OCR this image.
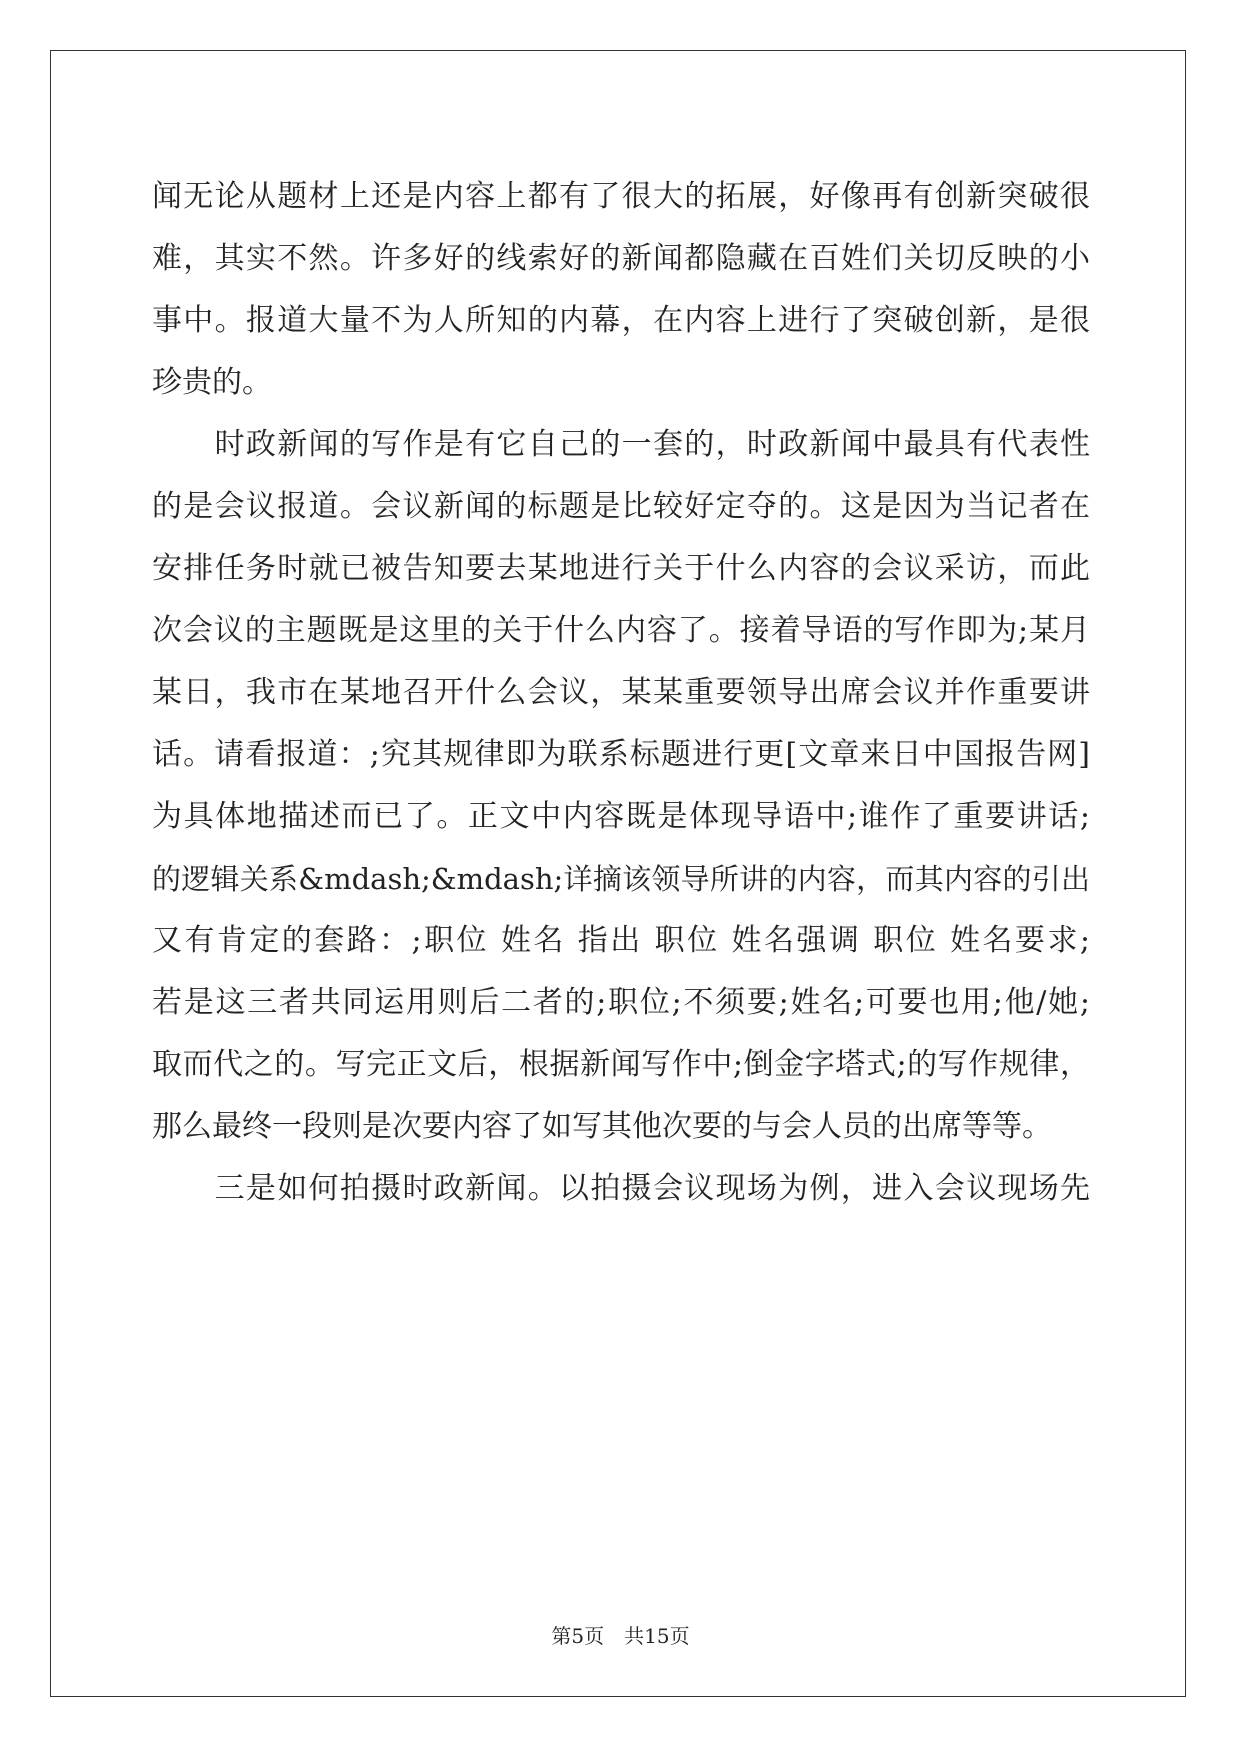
闻无论从题材上还是内容上都有了很大的拓展，好像再有创新突破很
难，其实不然。许多好的线索好的新闻都隐藏在百姓们关切反映的小
事中。报道大量不为人所知的内幕，在内容上进行了突破创新，是很
珍贵的。
　　时政新闻的写作是有它自己的一套的，时政新闻中最具有代表性
的是会议报道。会议新闻的标题是比较好定夺的。这是因为当记者在
安排任务时就已被告知要去某地进行关于什么内容的会议采访，而此
次会议的主题既是这里的关于什么内容了。接着导语的写作即为;某月
某日，我市在某地召开什么会议，某某重要领导出席会议并作重要讲
话。请看报道：;究其规律即为联系标题进行更[文章来日中国报告网]
为具体地描述而已了。正文中内容既是体现导语中;谁作了重要讲话;
的逻辑关系&mdash;&mdash;详摘该领导所讲的内容，而其内容的引出
又有肯定的套路：;职位 姓名 指出 职位 姓名强调 职位 姓名要求;
若是这三者共同运用则后二者的;职位;不须要;姓名;可要也用;他/她;
取而代之的。写完正文后，根据新闻写作中;倒金字塔式;的写作规律，
那么最终一段则是次要内容了如写其他次要的与会人员的出席等等。
　　三是如何拍摄时政新闻。以拍摄会议现场为例，进入会议现场先
第5页　共15页
